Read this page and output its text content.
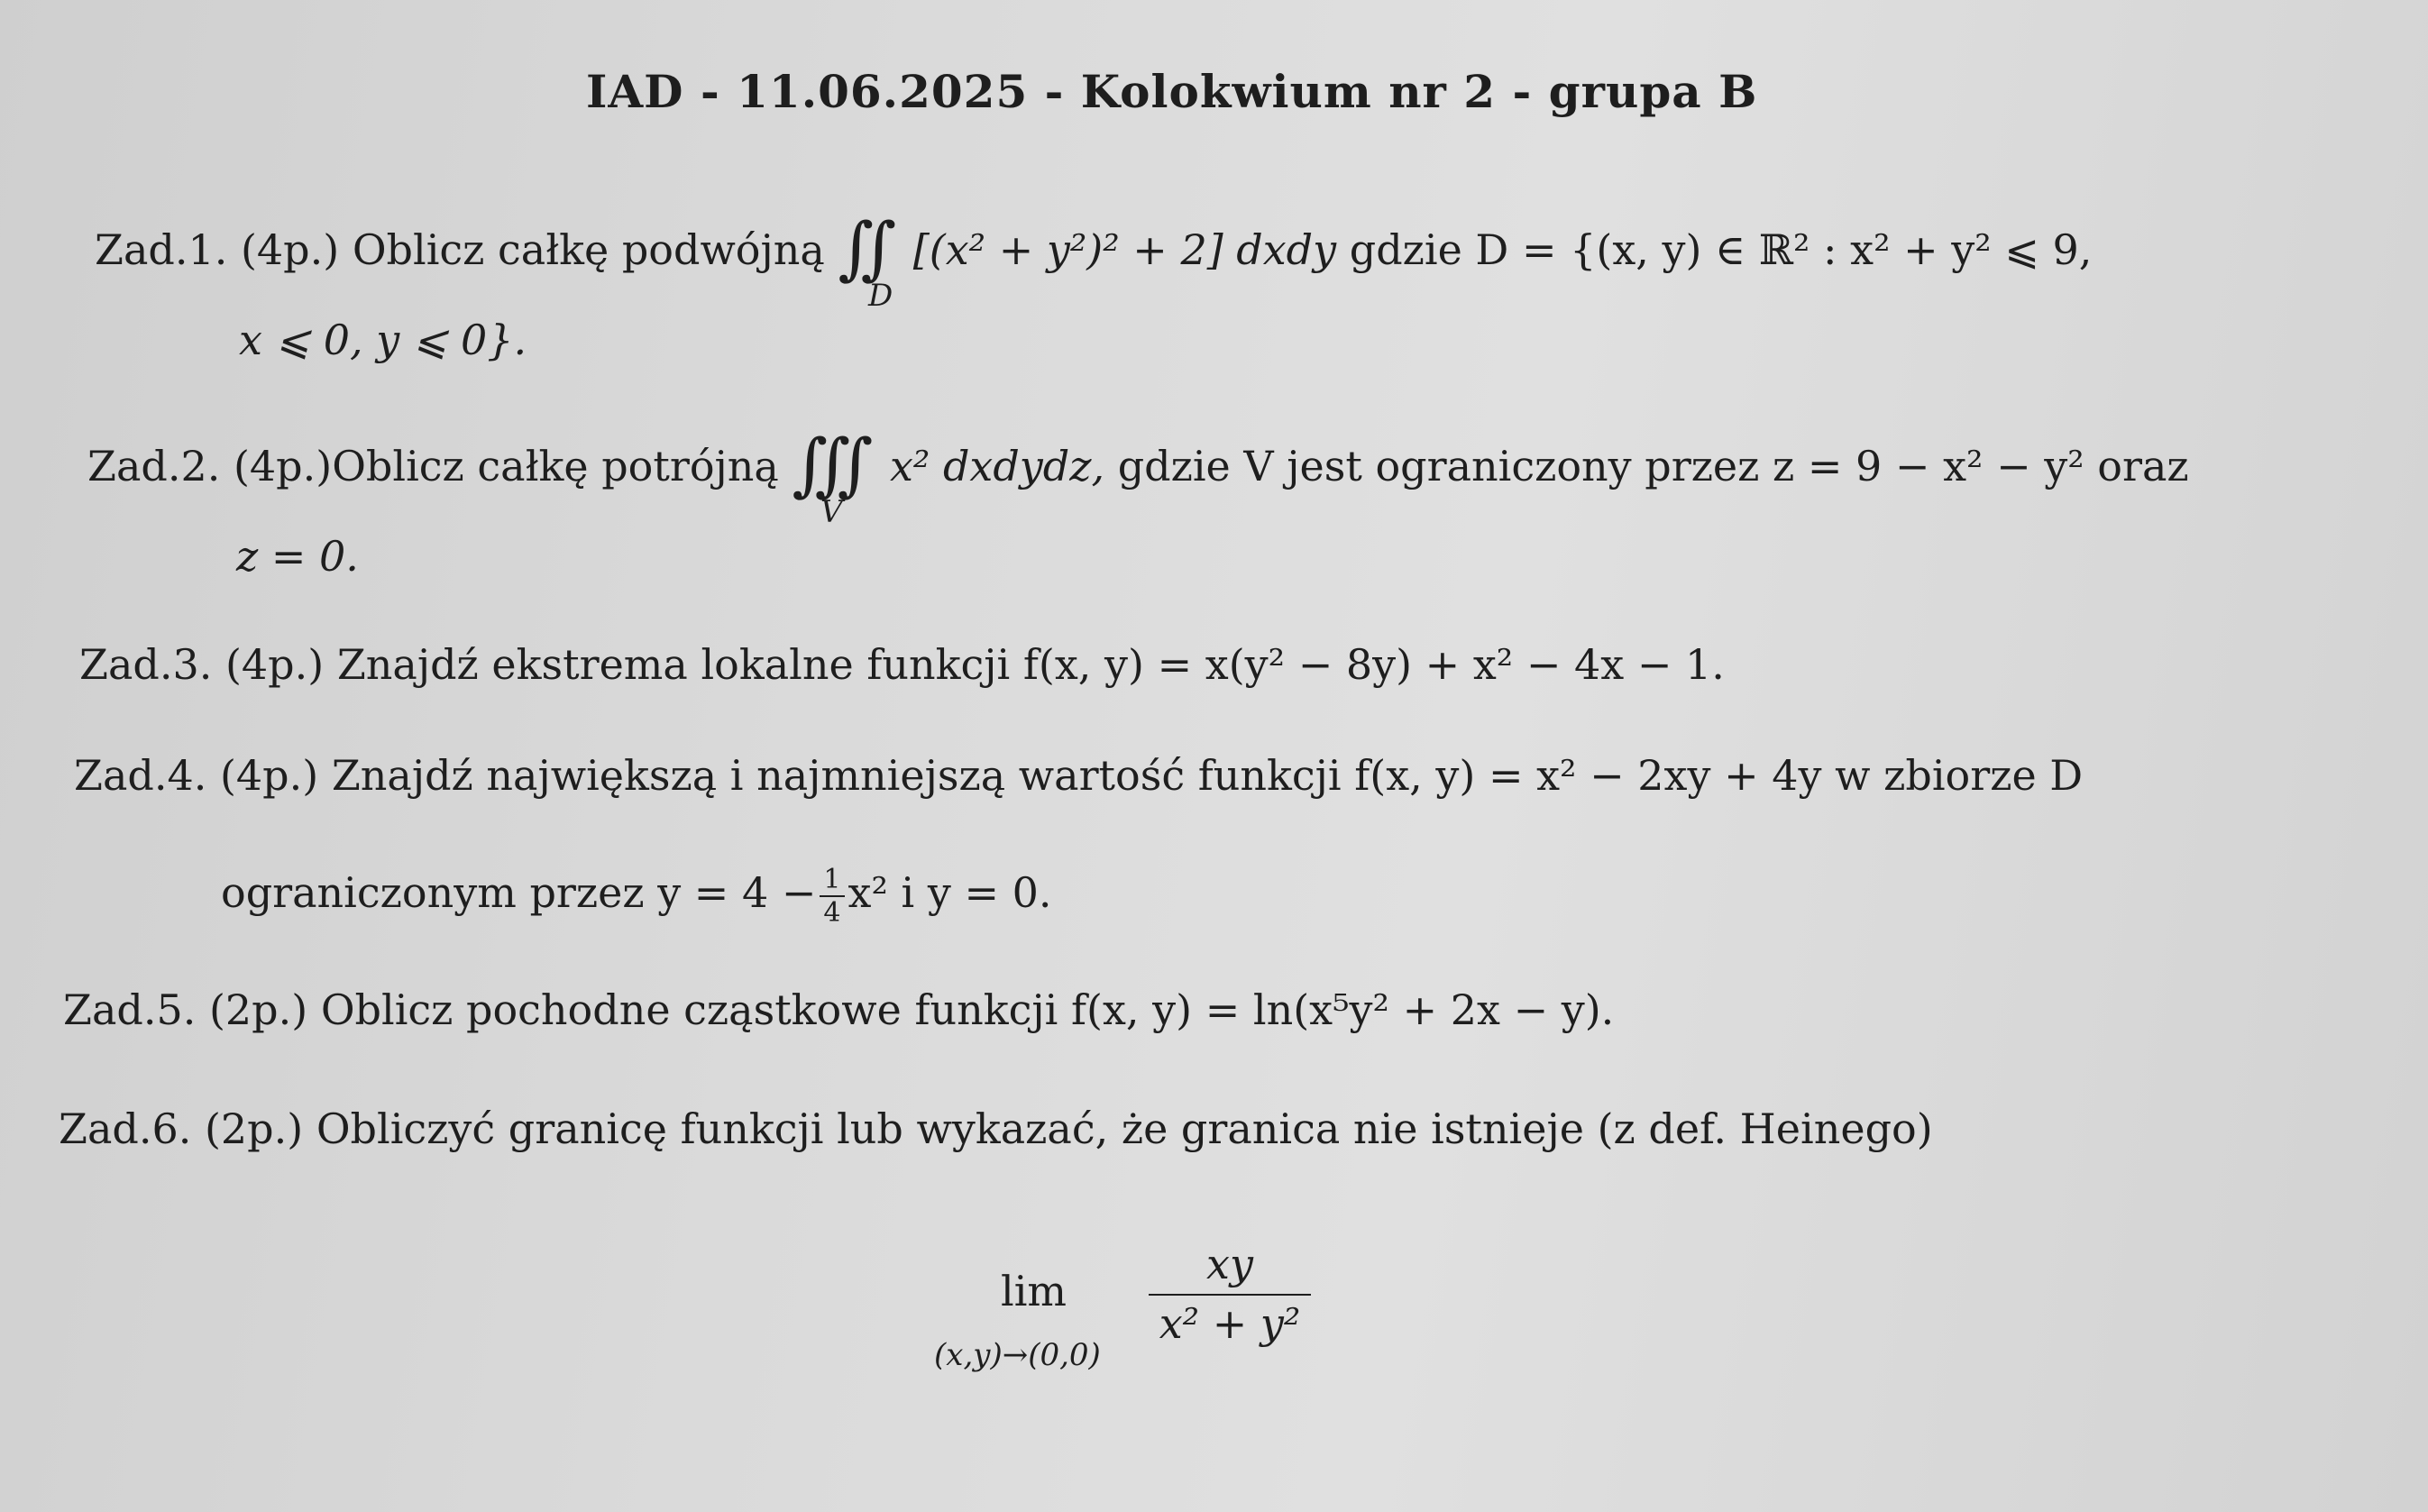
IAD - 11.06.2025 - Kolokwium nr 2 - grupa B
Zad.1. (4p.) Oblicz całkę podwójną ∬ [(x² + y²)² + 2] dxdy gdzie D = {(x, y) ∈ ℝ² : x² + y² ⩽ 9,
D
x ⩽ 0, y ⩽ 0}.
Zad.2. (4p.)Oblicz całkę potrójną ∭ x² dxdydz, gdzie V jest ograniczony przez z = 9 − x² − y² oraz
V
z = 0.
Zad.3. (4p.) Znajdź ekstrema lokalne funkcji f(x, y) = x(y² − 8y) + x² − 4x − 1.
Zad.4. (4p.) Znajdź największą i najmniejszą wartość funkcji f(x, y) = x² − 2xy + 4y w zbiorze D
ograniczonym przez $y = 4 - \frac{1}{4} x^2$ i y = 0.
Zad.5. (2p.) Oblicz pochodne cząstkowe funkcji f(x, y) = ln(x⁵y² + 2x − y).
Zad.6. (2p.) Obliczyć granicę funkcji lub wykazać, że granica nie istnieje (z def. Heinego)
lim
(x,y)→(0,0)
$\frac{xy}{\text{x² + y²}}$
